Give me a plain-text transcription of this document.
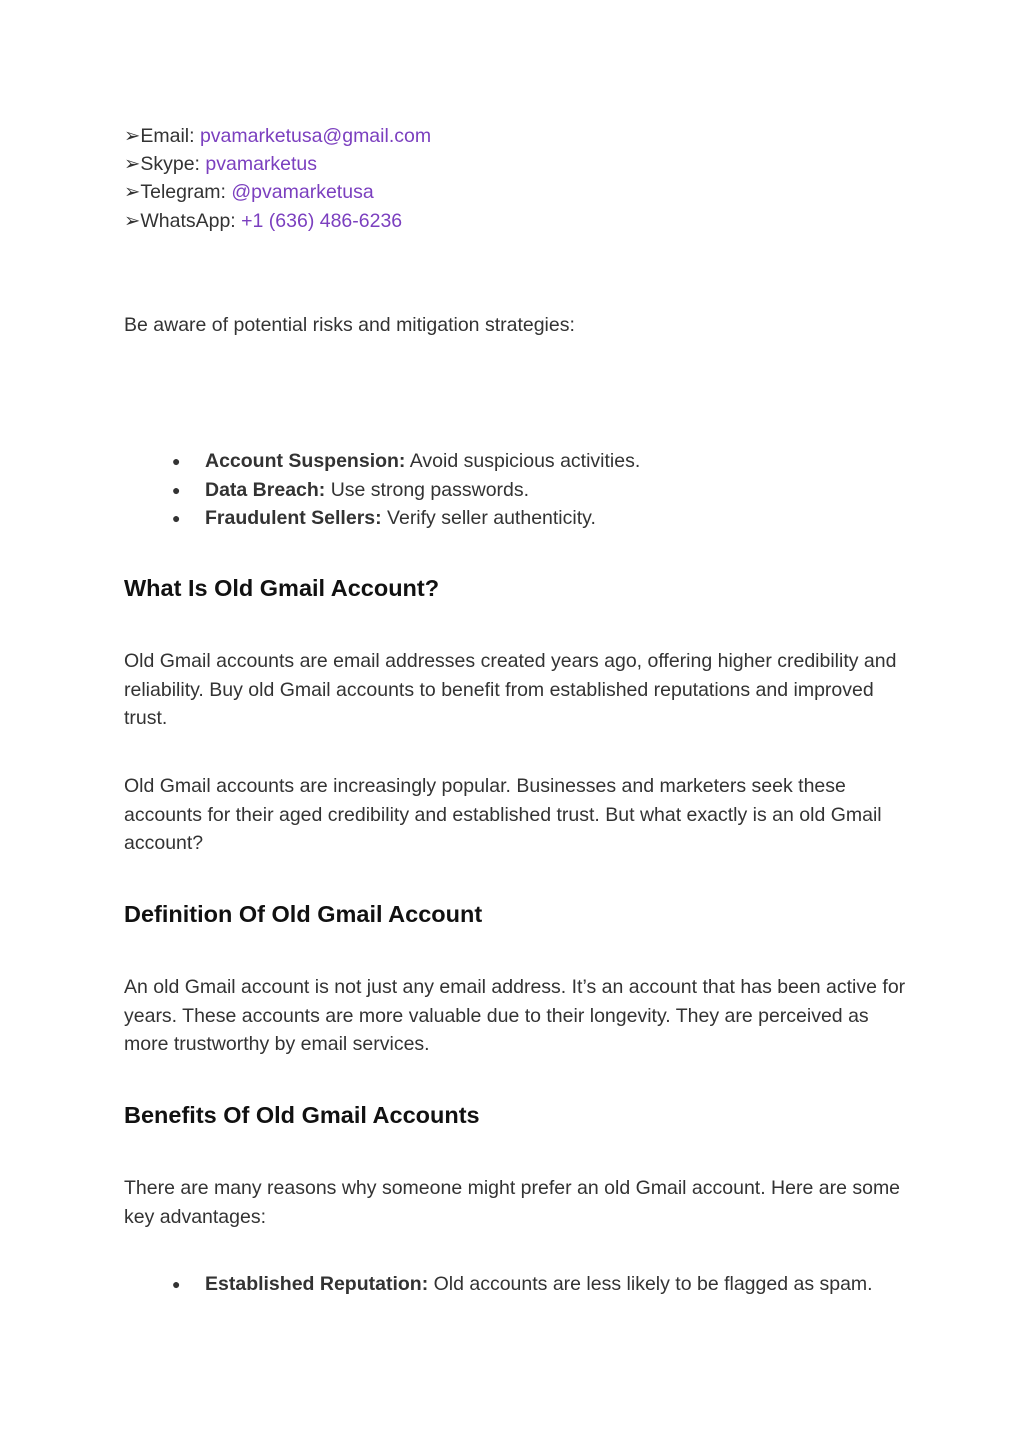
➢Email: pvamarketusa@gmail.com
➢Skype: pvamarketus
➢Telegram: @pvamarketusa
➢WhatsApp: +1 (636) 486-6236

Be aware of potential risks and mitigation strategies:

● Account Suspension: Avoid suspicious activities.
● Data Breach: Use strong passwords.
● Fraudulent Sellers: Verify seller authenticity.
What Is Old Gmail Account?

Old Gmail accounts are email addresses created years ago, offering higher credibility and reliability. Buy old Gmail accounts to benefit from established reputations and improved trust.

Old Gmail accounts are increasingly popular. Businesses and marketers seek these accounts for their aged credibility and established trust. But what exactly is an old Gmail account?

Definition Of Old Gmail Account

An old Gmail account is not just any email address. It’s an account that has been active for years. These accounts are more valuable due to their longevity. They are perceived as more trustworthy by email services.

Benefits Of Old Gmail Accounts

There are many reasons why someone might prefer an old Gmail account. Here are some key advantages:

● Established Reputation: Old accounts are less likely to be flagged as spam.
